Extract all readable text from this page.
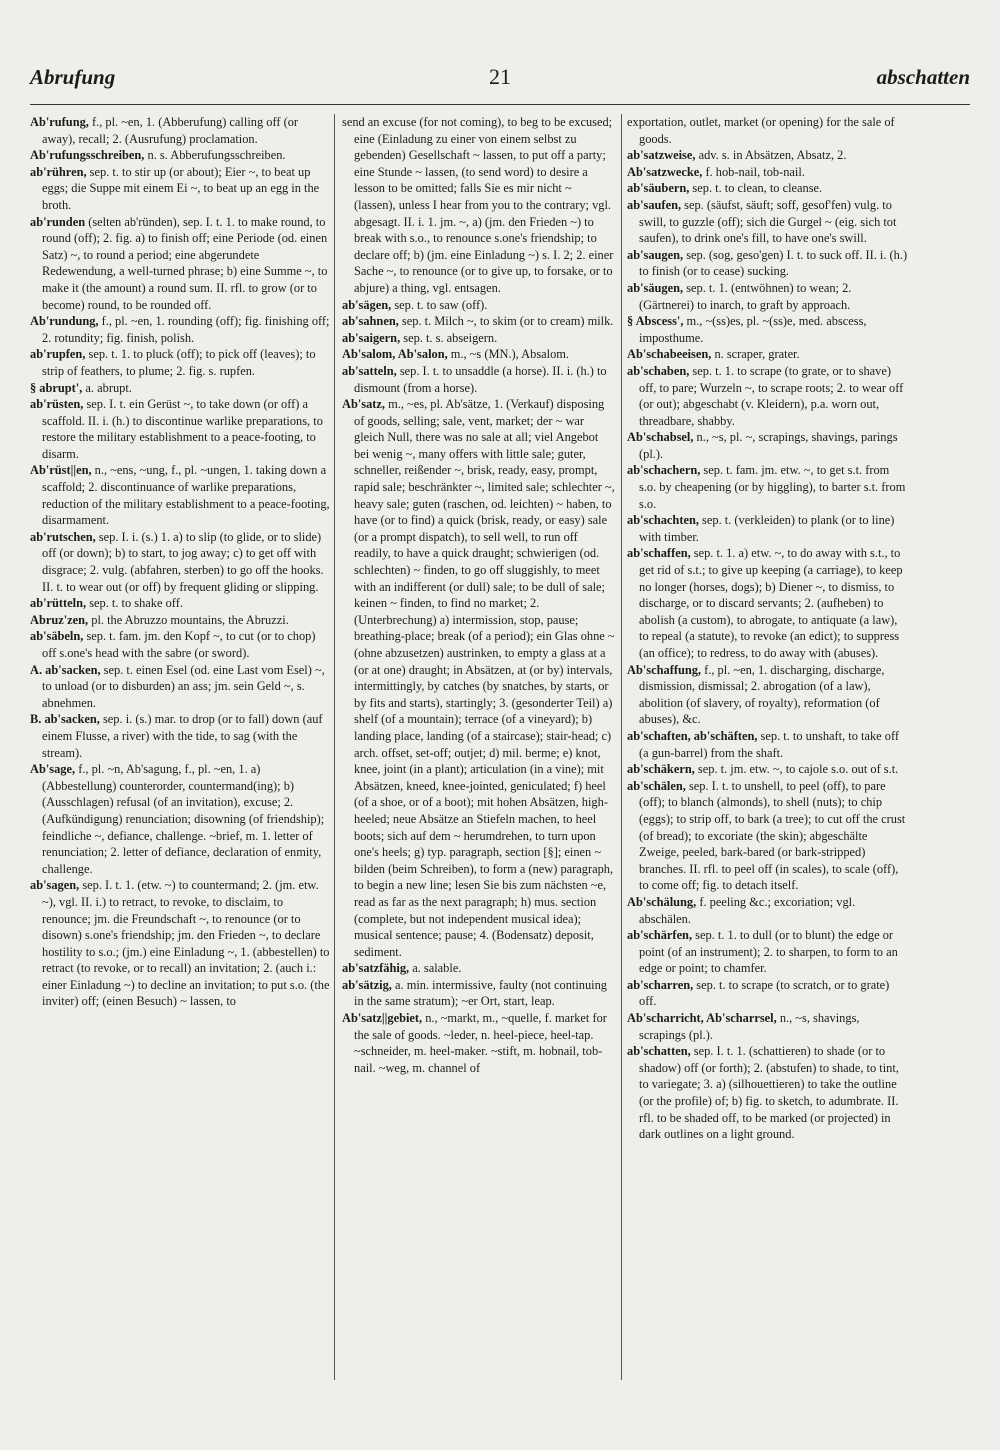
Abrufung	21	abschatten

Ab'rufung, f., pl. ~en, 1. (Abberufung) calling off (or away), recall; 2. (Ausrufung) proclamation.

Ab'rufungsschreiben, n. s. Abberufungsschreiben.

ab'rühren, sep. t. to stir up (or about); Eier ~, to beat up eggs; die Suppe mit einem Ei ~, to beat up an egg in the broth.

ab'runden (selten ab'ründen), sep. I. t. 1. to make round, to round (off); 2. fig. a) to finish off; eine Periode (od. einen Satz) ~, to round a period; eine abgerundete Redewendung, a well-turned phrase; b) eine Summe ~, to make it (the amount) a round sum. II. rfl. to grow (or to become) round, to be rounded off.

Ab'rundung, f., pl. ~en, 1. rounding (off); fig. finishing off; 2. rotundity; fig. finish, polish.

ab'rupfen, sep. t. 1. to pluck (off); to pick off (leaves); to strip of feathers, to plume; 2. fig. s. rupfen.

§ abrupt', a. abrupt.

ab'rüsten, sep. I. t. ein Gerüst ~, to take down (or off) a scaffold. II. i. (h.) to discontinue warlike preparations, to restore the military establishment to a peace-footing, to disarm.

Ab'rüst||en, n., ~ens, ~ung, f., pl. ~ungen, 1. taking down a scaffold; 2. discontinuance of warlike preparations, reduction of the military establishment to a peace-footing, disarmament.

ab'rutschen, sep. I. i. (s.) 1. a) to slip (to glide, or to slide) off (or down); b) to start, to jog away; c) to get off with disgrace; 2. vulg. (abfahren, sterben) to go off the hooks. II. t. to wear out (or off) by frequent gliding or slipping.

ab'rütteln, sep. t. to shake off.

Abruz'zen, pl. the Abruzzo mountains, the Abruzzi.

ab'säbeln, sep. t. fam. jm. den Kopf ~, to cut (or to chop) off s.one's head with the sabre (or sword).

A. ab'sacken, sep. t. einen Esel (od. eine Last vom Esel) ~, to unload (or to disburden) an ass; jm. sein Geld ~, s. abnehmen.

B. ab'sacken, sep. i. (s.) mar. to drop (or to fall) down (auf einem Flusse, a river) with the tide, to sag (with the stream).

Ab'sage, f., pl. ~n, Ab'sagung, f., pl. ~en, 1. a) (Abbestellung) counterorder, countermand(ing); b) (Ausschlagen) refusal (of an invitation), excuse; 2. (Aufkündigung) renunciation; disowning (of friendship); feindliche ~, defiance, challenge. ~brief, m. 1. letter of renunciation; 2. letter of defiance, declaration of enmity, challenge.

ab'sagen, sep. I. t. 1. (etw. ~) to countermand; 2. (jm. etw. ~), vgl. II. i.) to retract, to revoke, to disclaim, to renounce; jm. die Freundschaft ~, to renounce (or to disown) s.one's friendship; jm. den Frieden ~, to declare hostility to s.o.; (jm.) eine Einladung ~, 1. (abbestellen) to retract (to revoke, or to recall) an invitation; 2. (auch i.: einer Einladung ~) to decline an invitation; to put s.o. (the inviter) off; (einen Besuch) ~ lassen, to

send an excuse (for not coming), to beg to be excused; eine (Einladung zu einer von einem selbst zu gebenden) Gesellschaft ~ lassen, to put off a party; eine Stunde ~ lassen, (to send word) to desire a lesson to be omitted; falls Sie es mir nicht ~ (lassen), unless I hear from you to the contrary; vgl. abgesagt. II. i. 1. jm. ~, a) (jm. den Frieden ~) to break with s.o., to renounce s.one's friendship; to declare off; b) (jm. eine Einladung ~) s. I. 2; 2. einer Sache ~, to renounce (or to give up, to forsake, or to abjure) a thing, vgl. entsagen.

ab'sägen, sep. t. to saw (off).

ab'sahnen, sep. t. Milch ~, to skim (or to cream) milk.

ab'saigern, sep. t. s. abseigern.

Ab'salom, Ab'salon, m., ~s (MN.), Absalom.

ab'satteln, sep. I. t. to unsaddle (a horse). II. i. (h.) to dismount (from a horse).

Ab'satz, m., ~es, pl. Ab'sätze, 1. (Verkauf) disposing of goods, selling; sale, vent, market; der ~ war gleich Null, there was no sale at all; viel Angebot bei wenig ~, many offers with little sale; guter, schneller, reißender ~, brisk, ready, easy, prompt, rapid sale; beschränkter ~, limited sale; schlechter ~, heavy sale; guten (raschen, od. leichten) ~ haben, to have (or to find) a quick (brisk, ready, or easy) sale (or a prompt dispatch), to sell well, to run off readily, to have a quick draught; schwierigen (od. schlechten) ~ finden, to go off sluggishly, to meet with an indifferent (or dull) sale; to be dull of sale; keinen ~ finden, to find no market; 2. (Unterbrechung) a) intermission, stop, pause; breathing-place; break (of a period); ein Glas ohne ~ (ohne abzusetzen) austrinken, to empty a glass at a (or at one) draught; in Absätzen, at (or by) intervals, intermittingly, by catches (by snatches, by starts, or by fits and starts), startingly; 3. (gesonderter Teil) a) shelf (of a mountain); terrace (of a vineyard); b) landing place, landing (of a staircase); stair-head; c) arch. offset, set-off; outjet; d) mil. berme; e) knot, knee, joint (in a plant); articulation (in a vine); mit Absätzen, kneed, knee-jointed, geniculated; f) heel (of a shoe, or of a boot); mit hohen Absätzen, high-heeled; neue Absätze an Stiefeln machen, to heel boots; sich auf dem ~ herumdrehen, to turn upon one's heels; g) typ. paragraph, section [§]; einen ~ bilden (beim Schreiben), to form a (new) paragraph, to begin a new line; lesen Sie bis zum nächsten ~e, read as far as the next paragraph; h) mus. section (complete, but not independent musical idea); musical sentence; pause; 4. (Bodensatz) deposit, sediment.

ab'satzfähig, a. salable.

ab'sätzig, a. min. intermissive, faulty (not continuing in the same stratum); ~er Ort, start, leap.

Ab'satz||gebiet, n., ~markt, m., ~quelle, f. market for the sale of goods. ~leder, n. heel-piece, heel-tap. ~schneider, m. heel-maker. ~stift, m. hobnail, tob-nail. ~weg, m. channel of

exportation, outlet, market (or opening) for the sale of goods.

ab'satzweise, adv. s. in Absätzen, Absatz, 2.

Ab'satzwecke, f. hob-nail, tob-nail.

ab'säubern, sep. t. to clean, to cleanse.

ab'saufen, sep. (säufst, säuft; soff, gesof'fen) vulg. to swill, to guzzle (off); sich die Gurgel ~ (eig. sich tot saufen), to drink one's fill, to have one's swill.

ab'saugen, sep. (sog, geso'gen) I. t. to suck off. II. i. (h.) to finish (or to cease) sucking.

ab'säugen, sep. t. 1. (entwöhnen) to wean; 2. (Gärtnerei) to inarch, to graft by approach.

§ Abscess', m., ~(ss)es, pl. ~(ss)e, med. abscess, imposthume.

Ab'schabeeisen, n. scraper, grater.

ab'schaben, sep. t. 1. to scrape (to grate, or to shave) off, to pare; Wurzeln ~, to scrape roots; 2. to wear off (or out); abgeschabt (v. Kleidern), p.a. worn out, threadbare, shabby.

Ab'schabsel, n., ~s, pl. ~, scrapings, shavings, parings (pl.).

ab'schachern, sep. t. fam. jm. etw. ~, to get s.t. from s.o. by cheapening (or by higgling), to barter s.t. from s.o.

ab'schachten, sep. t. (verkleiden) to plank (or to line) with timber.

ab'schaffen, sep. t. 1. a) etw. ~, to do away with s.t., to get rid of s.t.; to give up keeping (a carriage), to keep no longer (horses, dogs); b) Diener ~, to dismiss, to discharge, or to discard servants; 2. (aufheben) to abolish (a custom), to abrogate, to antiquate (a law), to repeal (a statute), to revoke (an edict); to suppress (an office); to redress, to do away with (abuses).

Ab'schaffung, f., pl. ~en, 1. discharging, discharge, dismission, dismissal; 2. abrogation (of a law), abolition (of slavery, of royalty), reformation (of abuses), &c.

ab'schaften, ab'schäften, sep. t. to unshaft, to take off (a gun-barrel) from the shaft.

ab'schäkern, sep. t. jm. etw. ~, to cajole s.o. out of s.t.

ab'schälen, sep. I. t. to unshell, to peel (off), to pare (off); to blanch (almonds), to shell (nuts); to chip (eggs); to strip off, to bark (a tree); to cut off the crust (of bread); to excoriate (the skin); abgeschälte Zweige, peeled, bark-bared (or bark-stripped) branches. II. rfl. to peel off (in scales), to scale (off), to come off; fig. to detach itself.

Ab'schälung, f. peeling &c.; excoriation; vgl. abschälen.

ab'schärfen, sep. t. 1. to dull (or to blunt) the edge or point (of an instrument); 2. to sharpen, to form to an edge or point; to chamfer.

ab'scharren, sep. t. to scrape (to scratch, or to grate) off.

Ab'scharricht, Ab'scharrsel, n., ~s, shavings, scrapings (pl.).

ab'schatten, sep. I. t. 1. (schattieren) to shade (or to shadow) off (or forth); 2. (abstufen) to shade, to tint, to variegate; 3. a) (silhouettieren) to take the outline (or the profile) of; b) fig. to sketch, to adumbrate. II. rfl. to be shaded off, to be marked (or projected) in dark outlines on a light ground.
